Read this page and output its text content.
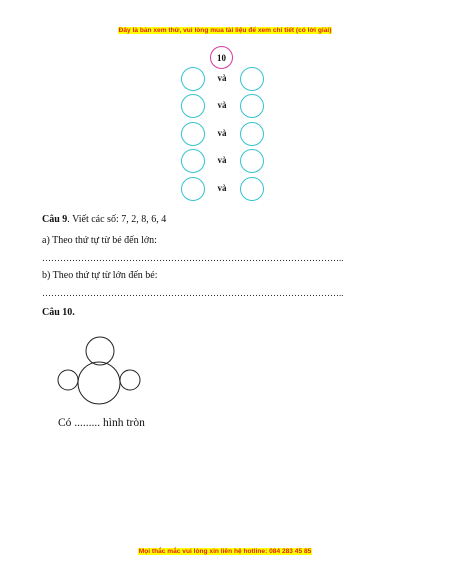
Đây là bản xem thử, vui lòng mua tài liệu để xem chi tiết (có lời giải)
10
và
và
và
và
và
Câu 9. Viết các số: 7, 2, 8, 6, 4
a) Theo thứ tự từ bé đến lớn:
………………………………………………………………………………………..
b) Theo thứ tự từ lớn đến bé:
………………………………………………………………………………………..
Câu 10.
Có ......... hình tròn
Mọi thắc mắc vui lòng xin liên hệ hotline: 084 283 45 85
